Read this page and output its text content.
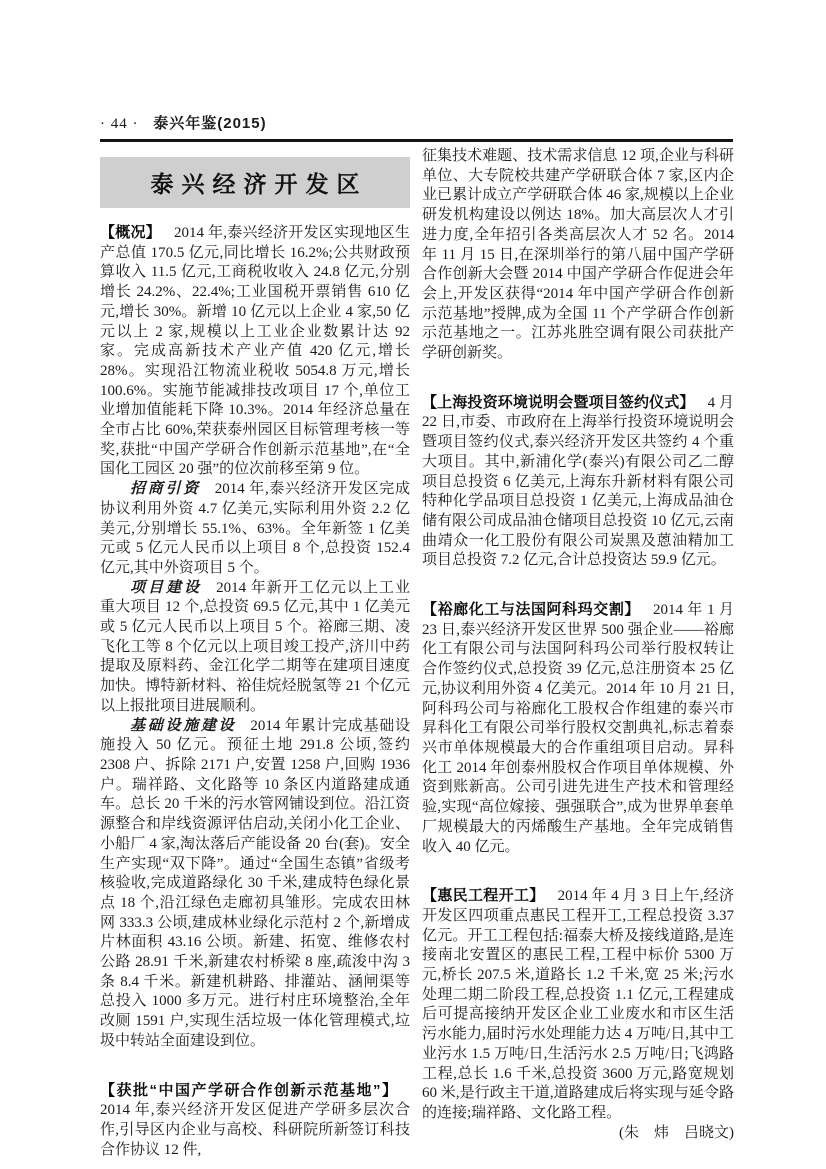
· 44 · 泰兴年鉴(2015)
泰兴经济开发区

【概况】 2014 年,泰兴经济开发区实现地区生产总值 170.5 亿元,同比增长 16.2%;公共财政预算收入 11.5 亿元,工商税收收入 24.8 亿元,分别增长 24.2%、22.4%;工业国税开票销售 610 亿元,增长 30%。新增 10 亿元以上企业 4 家,50 亿元以上 2 家,规模以上工业企业数累计达 92 家。完成高新技术产业产值 420 亿元,增长 28%。实现沿江物流业税收 5054.8 万元,增长 100.6%。实施节能减排技改项目 17 个,单位工业增加值能耗下降 10.3%。2014 年经济总量在全市占比 60%,荣获泰州园区目标管理考核一等奖,获批“中国产学研合作创新示范基地”,在“全国化工园区 20 强”的位次前移至第 9 位。

招商引资 2014 年,泰兴经济开发区完成协议利用外资 4.7 亿美元,实际利用外资 2.2 亿美元,分别增长 55.1%、63%。全年新签 1 亿美元或 5 亿元人民币以上项目 8 个,总投资 152.4 亿元,其中外资项目 5 个。

项目建设 2014 年新开工亿元以上工业重大项目 12 个,总投资 69.5 亿元,其中 1 亿美元或 5 亿元人民币以上项目 5 个。裕廊三期、凌飞化工等 8 个亿元以上项目竣工投产,济川中药提取及原料药、金江化学二期等在建项目速度加快。博特新材料、裕佳烷烃脱氢等 21 个亿元以上报批项目进展顺利。

基础设施建设 2014 年累计完成基础设施投入 50 亿元。预征土地 291.8 公顷,签约 2308 户、拆除 2171 户,安置 1258 户,回购 1936 户。瑞祥路、文化路等 10 条区内道路建成通车。总长 20 千米的污水管网铺设到位。沿江资源整合和岸线资源评估启动,关闭小化工企业、小船厂 4 家,淘汰落后产能设备 20 台(套)。安全生产实现“双下降”。通过“全国生态镇”省级考核验收,完成道路绿化 30 千米,建成特色绿化景点 18 个,沿江绿色走廊初具雏形。完成农田林网 333.3 公顷,建成林业绿化示范村 2 个,新增成片林面积 43.16 公顷。新建、拓宽、维修农村公路 28.91 千米,新建农村桥梁 8 座,疏浚中沟 3 条 8.4 千米。新建机耕路、排灌站、涵闸渠等总投入 1000 多万元。进行村庄环境整治,全年改厕 1591 户,实现生活垃圾一体化管理模式,垃圾中转站全面建设到位。

【获批“中国产学研合作创新示范基地”】2014 年,泰兴经济开发区促进产学研多层次合作,引导区内企业与高校、科研院所新签订科技合作协议 12 件,

征集技术难题、技术需求信息 12 项,企业与科研单位、大专院校共建产学研联合体 7 家,区内企业已累计成立产学研联合体 46 家,规模以上企业研发机构建设以例达 18%。加大高层次人才引进力度,全年招引各类高层次人才 52 名。2014 年 11 月 15 日,在深圳举行的第八届中国产学研合作创新大会暨 2014 中国产学研合作促进会年会上,开发区获得“2014 年中国产学研合作创新示范基地”授牌,成为全国 11 个产学研合作创新示范基地之一。江苏兆胜空调有限公司获批产学研创新奖。

【上海投资环境说明会暨项目签约仪式】 4 月 22 日,市委、市政府在上海举行投资环境说明会暨项目签约仪式,泰兴经济开发区共签约 4 个重大项目。其中,新浦化学(泰兴)有限公司乙二醇项目总投资 6 亿美元,上海东升新材料有限公司特种化学品项目总投资 1 亿美元,上海成品油仓储有限公司成品油仓储项目总投资 10 亿元,云南曲靖众一化工股份有限公司炭黑及蒽油精加工项目总投资 7.2 亿元,合计总投资达 59.9 亿元。

【裕廊化工与法国阿科玛交割】 2014 年 1 月 23 日,泰兴经济开发区世界 500 强企业——裕廊化工有限公司与法国阿科玛公司举行股权转让合作签约仪式,总投资 39 亿元,总注册资本 25 亿元,协议利用外资 4 亿美元。2014 年 10 月 21 日,阿科玛公司与裕廊化工股权合作组建的泰兴市昇科化工有限公司举行股权交割典礼,标志着泰兴市单体规模最大的合作重组项目启动。昇科化工 2014 年创泰州股权合作项目单体规模、外资到账新高。公司引进先进生产技术和管理经验,实现“高位嫁接、强强联合”,成为世界单套单厂规模最大的丙烯酸生产基地。全年完成销售收入 40 亿元。

【惠民工程开工】 2014 年 4 月 3 日上午,经济开发区四项重点惠民工程开工,工程总投资 3.37 亿元。开工工程包括:福泰大桥及接线道路,是连接南北安置区的惠民工程,工程中标价 5300 万元,桥长 207.5 米,道路长 1.2 千米,宽 25 米;污水处理二期二阶段工程,总投资 1.1 亿元,工程建成后可提高接纳开发区企业工业废水和市区生活污水能力,届时污水处理能力达 4 万吨/日,其中工业污水 1.5 万吨/日,生活污水 2.5 万吨/日;飞鸿路工程,总长 1.6 千米,总投资 3600 万元,路宽规划 60 米,是行政主干道,道路建成后将实现与延令路的连接;瑞祥路、文化路工程。
(朱　炜　吕晓文)
